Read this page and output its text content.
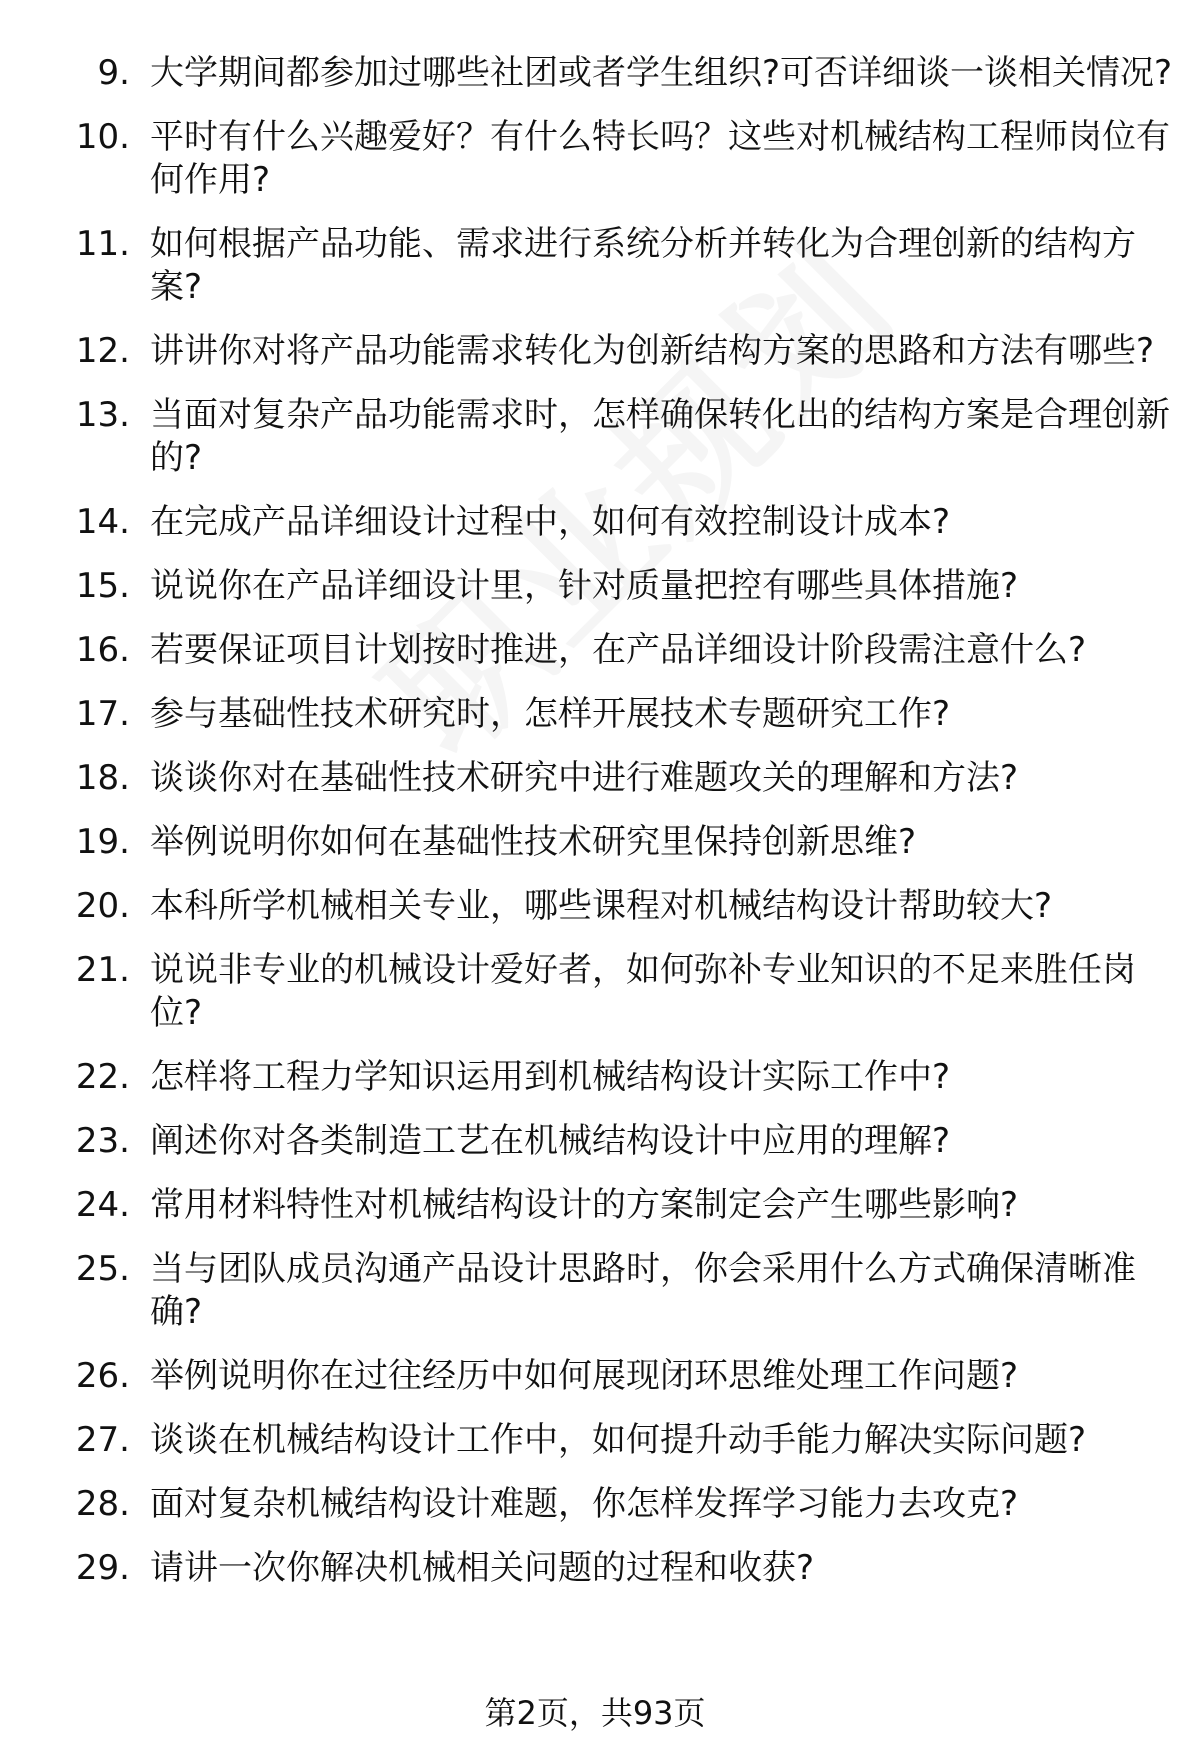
9. 大学期间都参加过哪些社团或者学生组织?可否详细谈一谈相关情况?
10. 平时有什么兴趣爱好？有什么特长吗？这些对机械结构工程师岗位有何作用?
11. 如何根据产品功能、需求进行系统分析并转化为合理创新的结构方案?
12. 讲讲你对将产品功能需求转化为创新结构方案的思路和方法有哪些?
13. 当面对复杂产品功能需求时，怎样确保转化出的结构方案是合理创新的?
14. 在完成产品详细设计过程中，如何有效控制设计成本?
15. 说说你在产品详细设计里，针对质量把控有哪些具体措施?
16. 若要保证项目计划按时推进，在产品详细设计阶段需注意什么?
17. 参与基础性技术研究时，怎样开展技术专题研究工作?
18. 谈谈你对在基础性技术研究中进行难题攻关的理解和方法?
19. 举例说明你如何在基础性技术研究里保持创新思维?
20. 本科所学机械相关专业，哪些课程对机械结构设计帮助较大?
21. 说说非专业的机械设计爱好者，如何弥补专业知识的不足来胜任岗位?
22. 怎样将工程力学知识运用到机械结构设计实际工作中?
23. 阐述你对各类制造工艺在机械结构设计中应用的理解?
24. 常用材料特性对机械结构设计的方案制定会产生哪些影响?
25. 当与团队成员沟通产品设计思路时，你会采用什么方式确保清晰准确?
26. 举例说明你在过往经历中如何展现闭环思维处理工作问题?
27. 谈谈在机械结构设计工作中，如何提升动手能力解决实际问题?
28. 面对复杂机械结构设计难题，你怎样发挥学习能力去攻克?
29. 请讲一次你解决机械相关问题的过程和收获?
第2页，共93页
